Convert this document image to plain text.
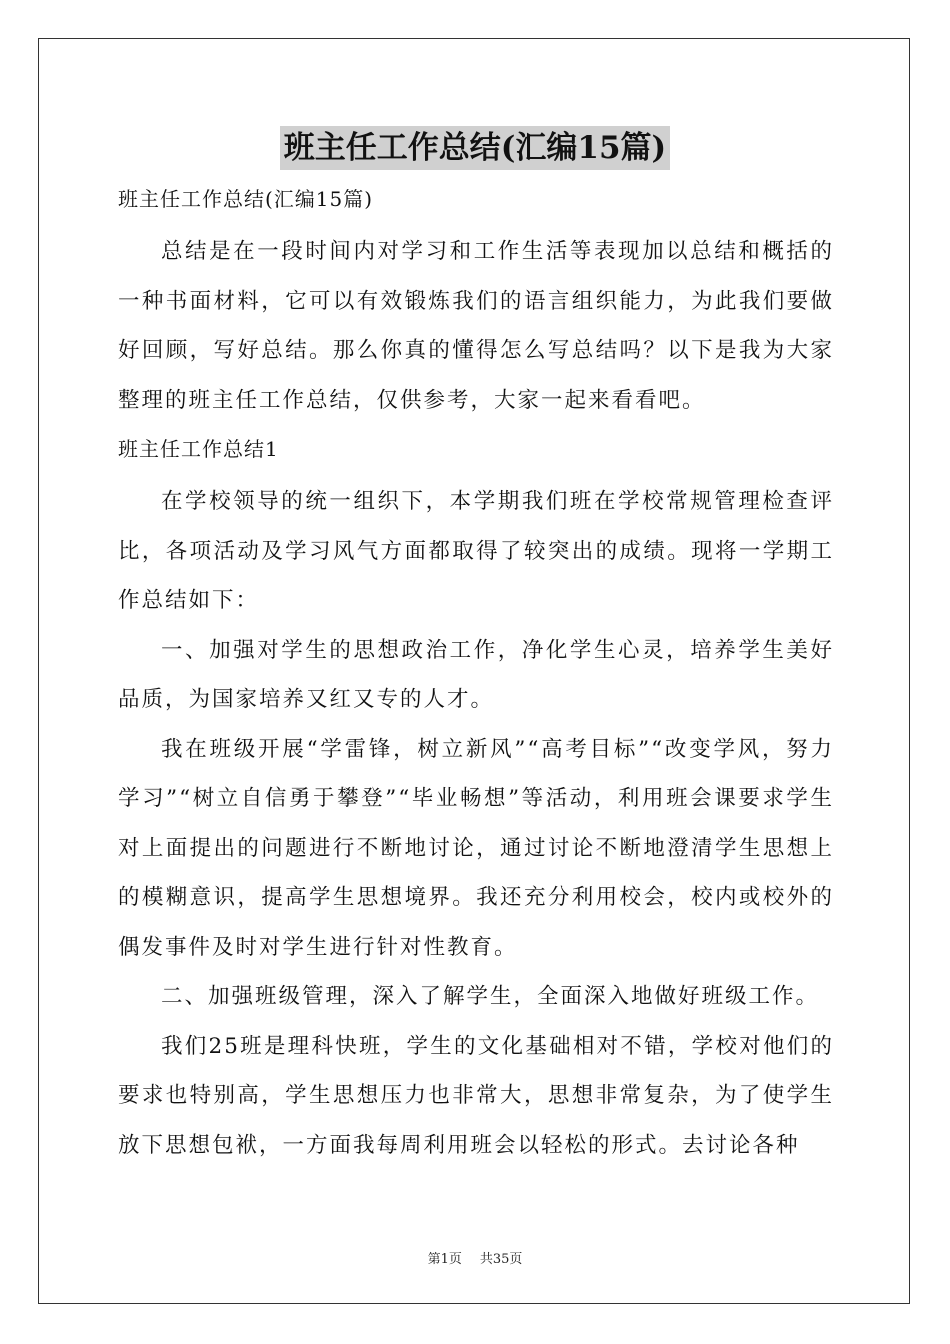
班主任工作总结(汇编15篇)
班主任工作总结(汇编15篇)

总结是在一段时间内对学习和工作生活等表现加以总结和概括的一种书面材料，它可以有效锻炼我们的语言组织能力，为此我们要做好回顾，写好总结。那么你真的懂得怎么写总结吗？以下是我为大家整理的班主任工作总结，仅供参考，大家一起来看看吧。

班主任工作总结1

在学校领导的统一组织下，本学期我们班在学校常规管理检查评比，各项活动及学习风气方面都取得了较突出的成绩。现将一学期工作总结如下：

一、加强对学生的思想政治工作，净化学生心灵，培养学生美好品质，为国家培养又红又专的人才。

我在班级开展“学雷锋，树立新风”“高考目标”“改变学风，努力学习”“树立自信勇于攀登”“毕业畅想”等活动，利用班会课要求学生对上面提出的问题进行不断地讨论，通过讨论不断地澄清学生思想上的模糊意识，提高学生思想境界。我还充分利用校会，校内或校外的偶发事件及时对学生进行针对性教育。

二、加强班级管理，深入了解学生，全面深入地做好班级工作。

我们25班是理科快班，学生的文化基础相对不错，学校对他们的要求也特别高，学生思想压力也非常大，思想非常复杂，为了使学生放下思想包袱，一方面我每周利用班会以轻松的形式。去讨论各种

第1页 共35页
